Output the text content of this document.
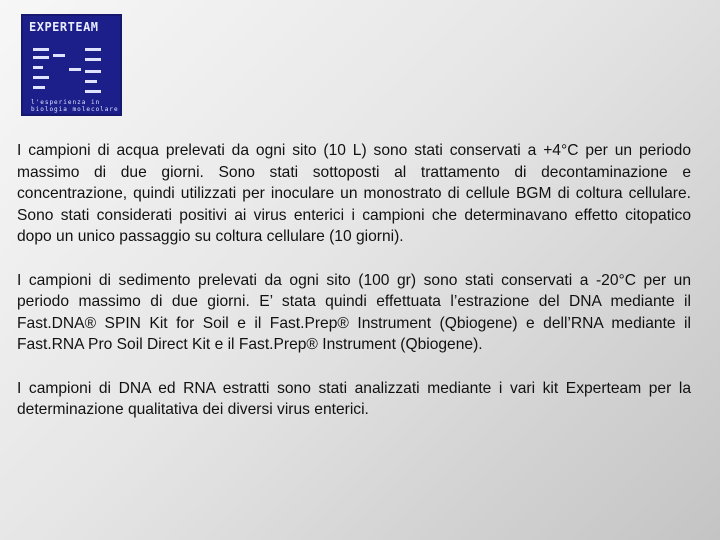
EXPERTEAM
l'esperienza in
biologia molecolare

I campioni di acqua prelevati da ogni sito (10 L) sono stati conservati a +4°C per un periodo massimo di due giorni. Sono stati sottoposti al trattamento di decontaminazione e concentrazione, quindi utilizzati per inoculare un monostrato di cellule BGM di coltura cellulare. Sono stati considerati positivi ai virus enterici i campioni che determinavano effetto citopatico dopo un unico passaggio su coltura cellulare (10 giorni).

I campioni di sedimento prelevati da ogni sito (100 gr) sono stati conservati a -20°C per un periodo massimo di due giorni. E’ stata quindi effettuata l’estrazione del DNA mediante il Fast.DNA® SPIN Kit for Soil e il Fast.Prep® Instrument (Qbiogene) e dell’RNA mediante il Fast.RNA Pro Soil Direct Kit e il Fast.Prep® Instrument (Qbiogene).

I campioni di DNA ed RNA estratti sono stati analizzati mediante i vari kit Experteam per la determinazione qualitativa dei diversi virus enterici.
